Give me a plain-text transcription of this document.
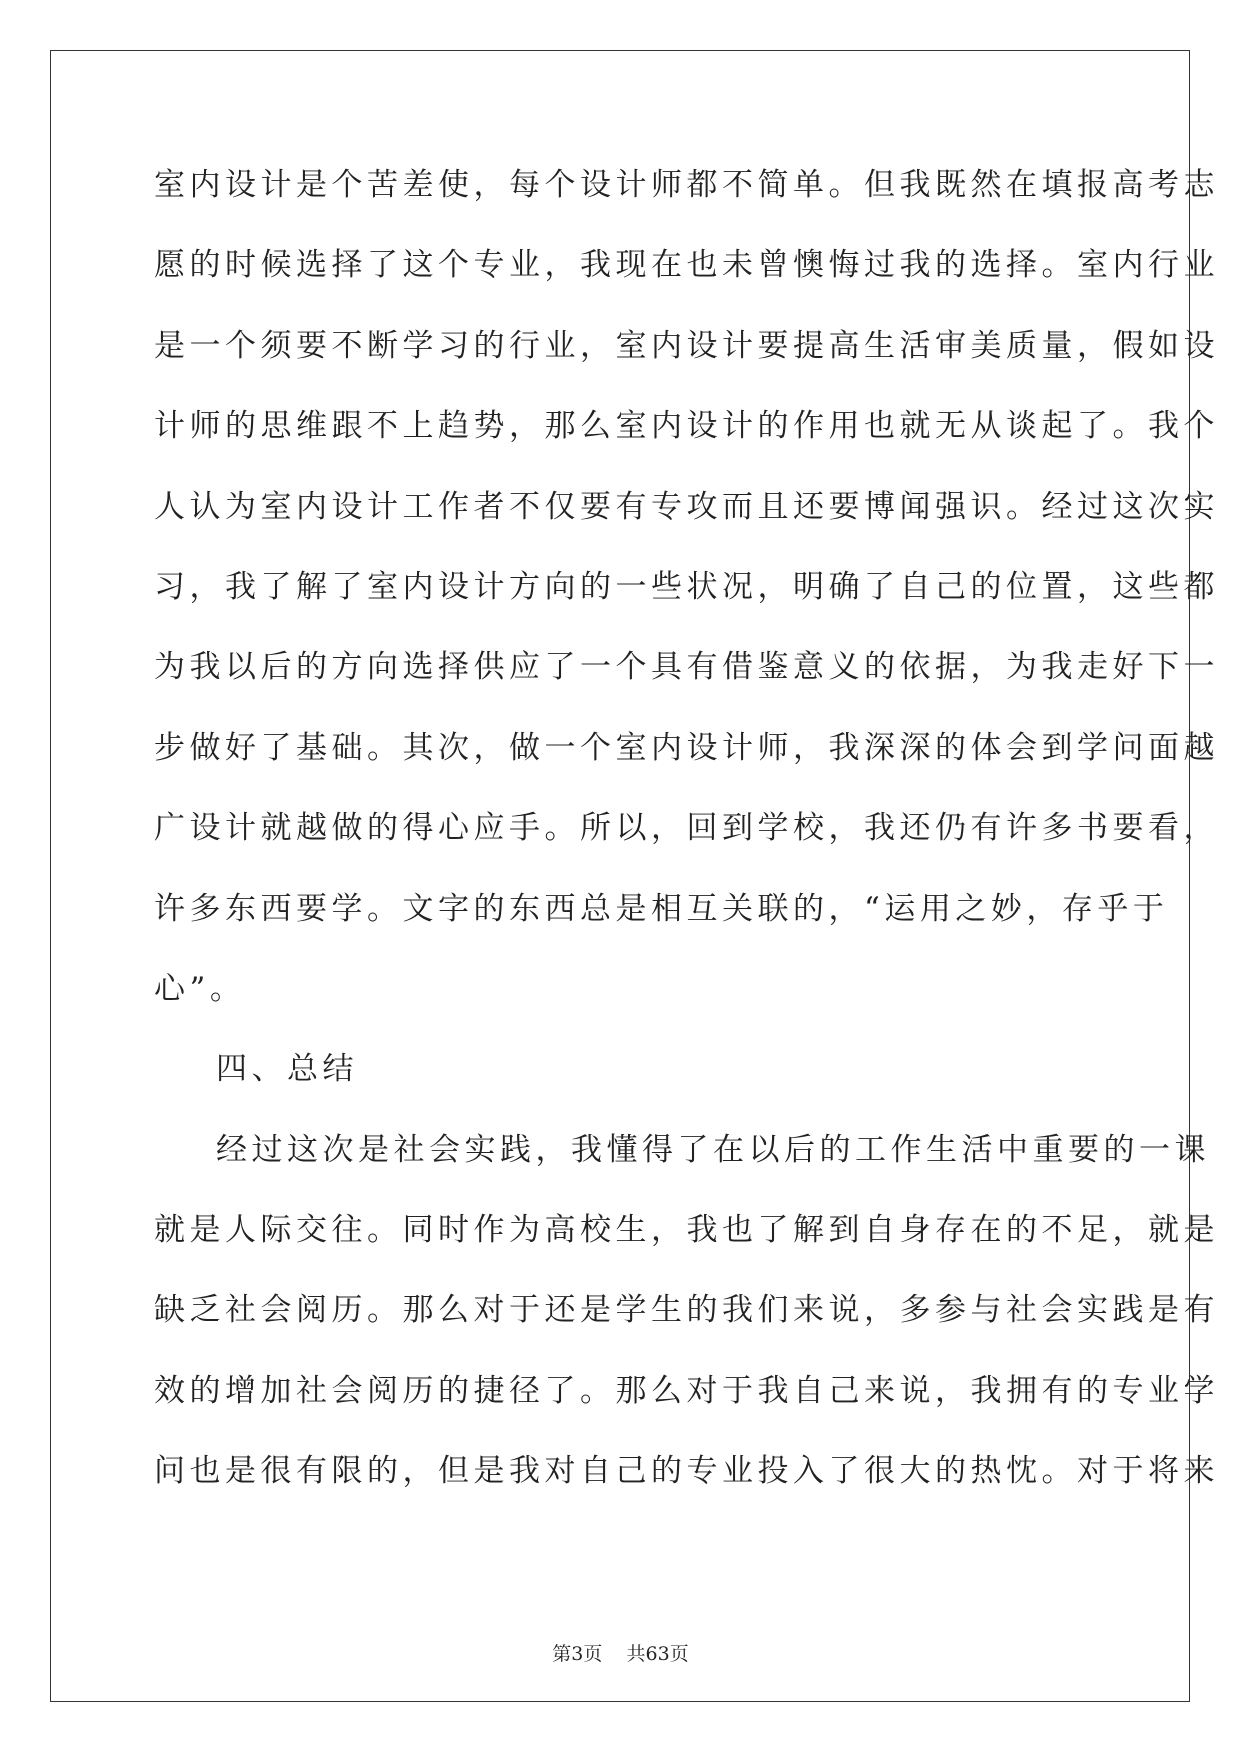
室内设计是个苦差使，每个设计师都不简单。但我既然在填报高考志
愿的时候选择了这个专业，我现在也未曾懊悔过我的选择。室内行业
是一个须要不断学习的行业，室内设计要提高生活审美质量，假如设
计师的思维跟不上趋势，那么室内设计的作用也就无从谈起了。我个
人认为室内设计工作者不仅要有专攻而且还要博闻强识。经过这次实
习，我了解了室内设计方向的一些状况，明确了自己的位置，这些都
为我以后的方向选择供应了一个具有借鉴意义的依据，为我走好下一
步做好了基础。其次，做一个室内设计师，我深深的体会到学问面越
广设计就越做的得心应手。所以，回到学校，我还仍有许多书要看，
许多东西要学。文字的东西总是相互关联的，“运用之妙，存乎于
心”。
四、总结
经过这次是社会实践，我懂得了在以后的工作生活中重要的一课
就是人际交往。同时作为高校生，我也了解到自身存在的不足，就是
缺乏社会阅历。那么对于还是学生的我们来说，多参与社会实践是有
效的增加社会阅历的捷径了。那么对于我自己来说，我拥有的专业学
问也是很有限的，但是我对自己的专业投入了很大的热忱。对于将来
第3页 共63页
